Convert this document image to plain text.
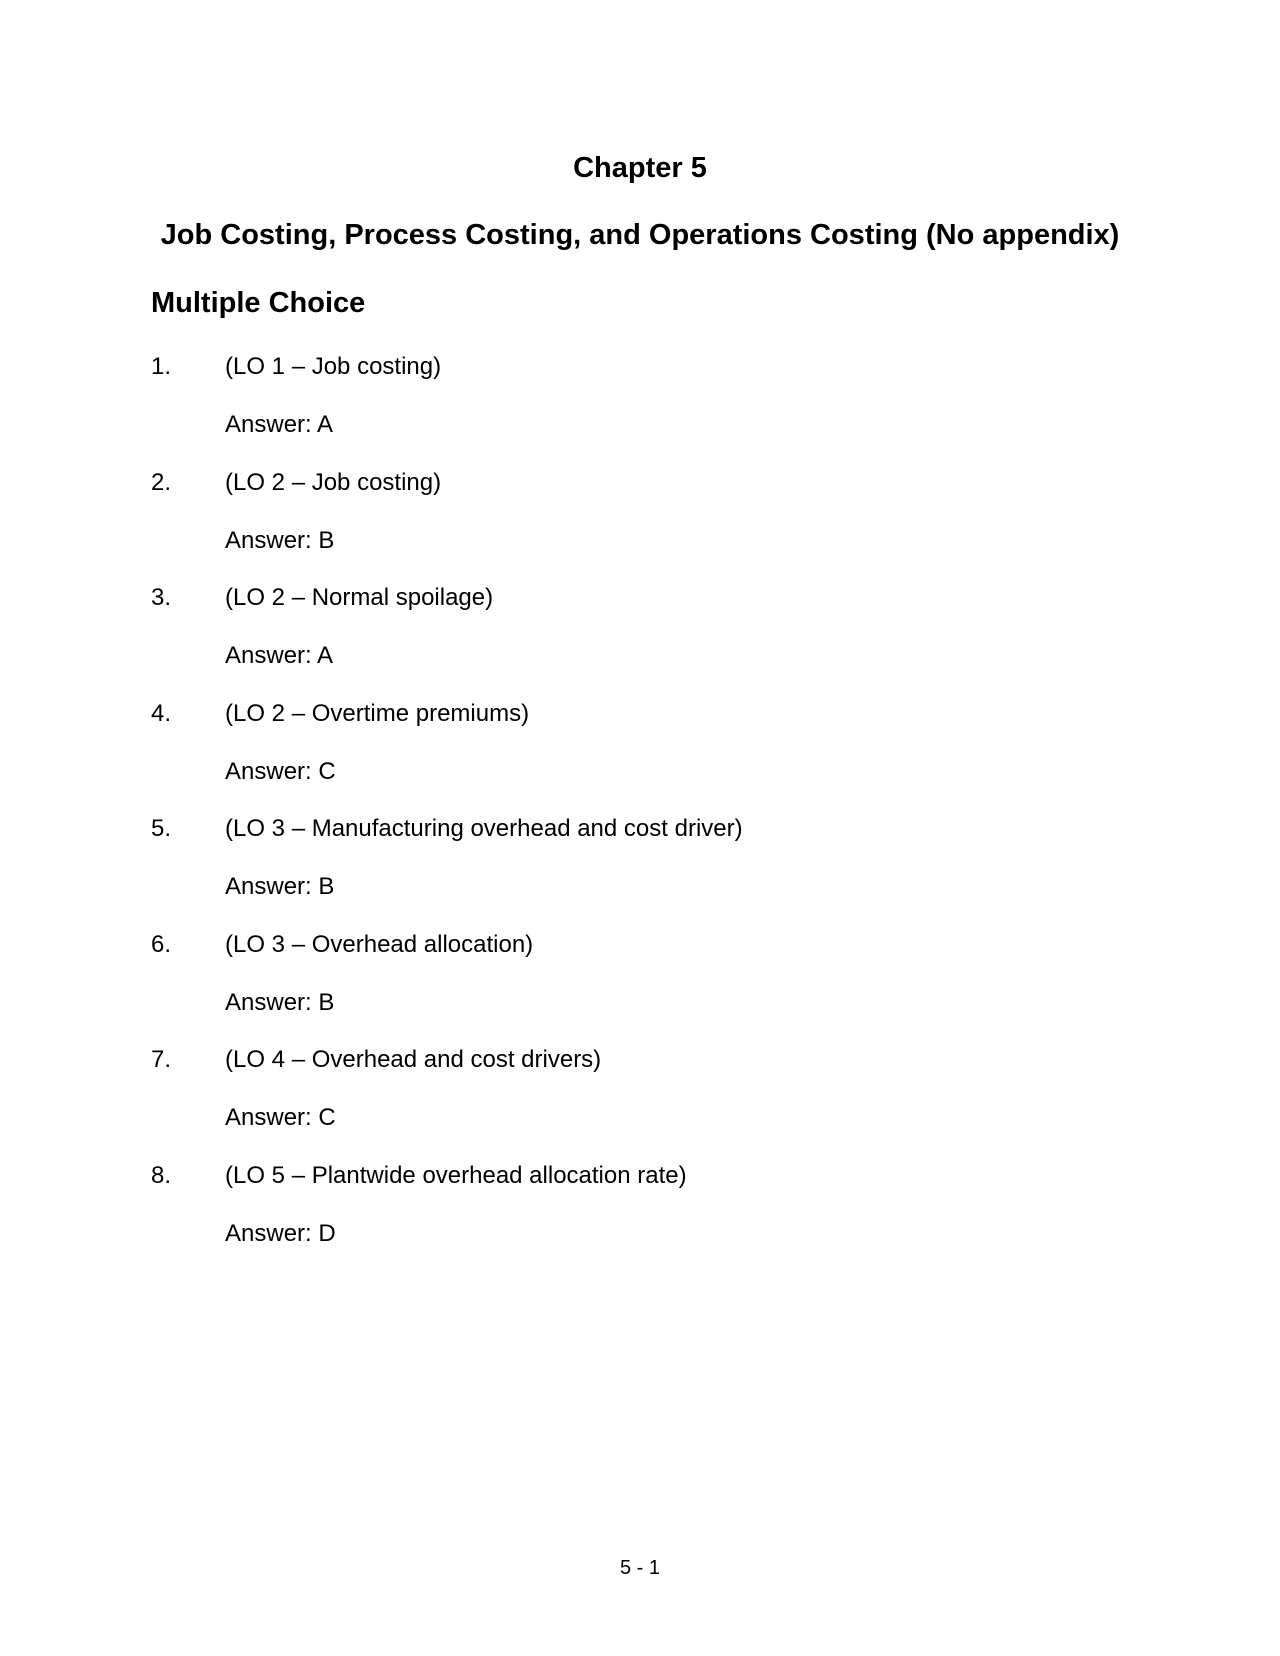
Chapter 5
Job Costing, Process Costing, and Operations Costing (No appendix)
Multiple Choice
1. (LO 1 – Job costing)
Answer: A
2. (LO 2 – Job costing)
Answer: B
3. (LO 2 – Normal spoilage)
Answer: A
4. (LO 2 – Overtime premiums)
Answer: C
5. (LO 3 – Manufacturing overhead and cost driver)
Answer: B
6. (LO 3 – Overhead allocation)
Answer: B
7. (LO 4 – Overhead and cost drivers)
Answer: C
8. (LO 5 – Plantwide overhead allocation rate)
Answer: D
5 - 1
